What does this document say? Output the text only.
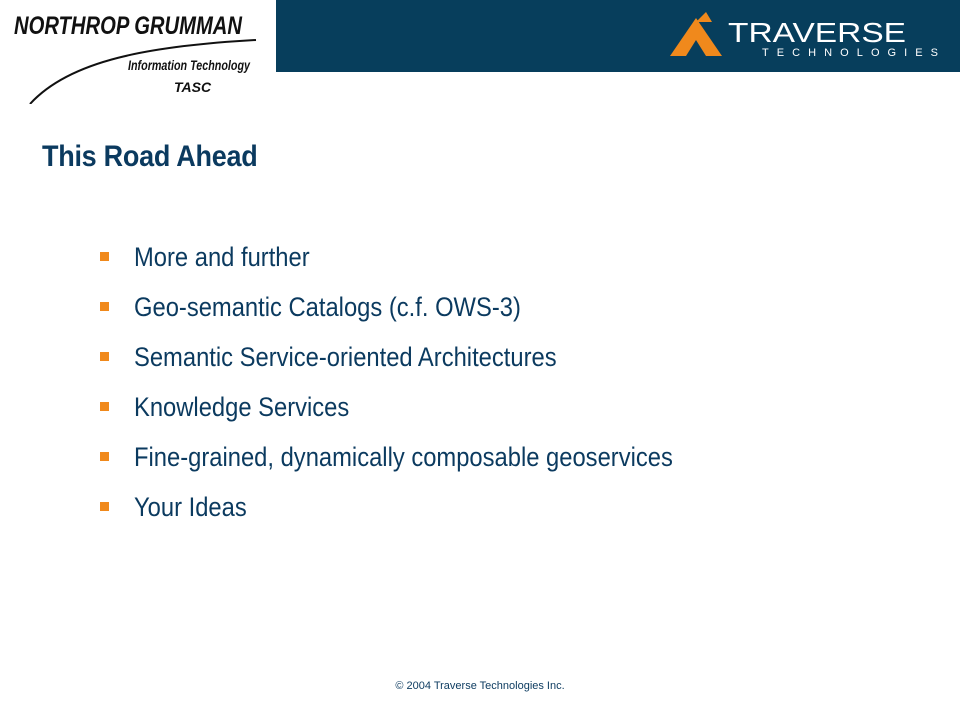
NORTHROP GRUMMAN
Information Technology
TASC
TRAVERSE
TECHNOLOGIES
This Road Ahead
More and further
Geo-semantic Catalogs (c.f. OWS-3)
Semantic Service-oriented Architectures
Knowledge Services
Fine-grained, dynamically composable geoservices
Your Ideas
© 2004 Traverse Technologies Inc.
